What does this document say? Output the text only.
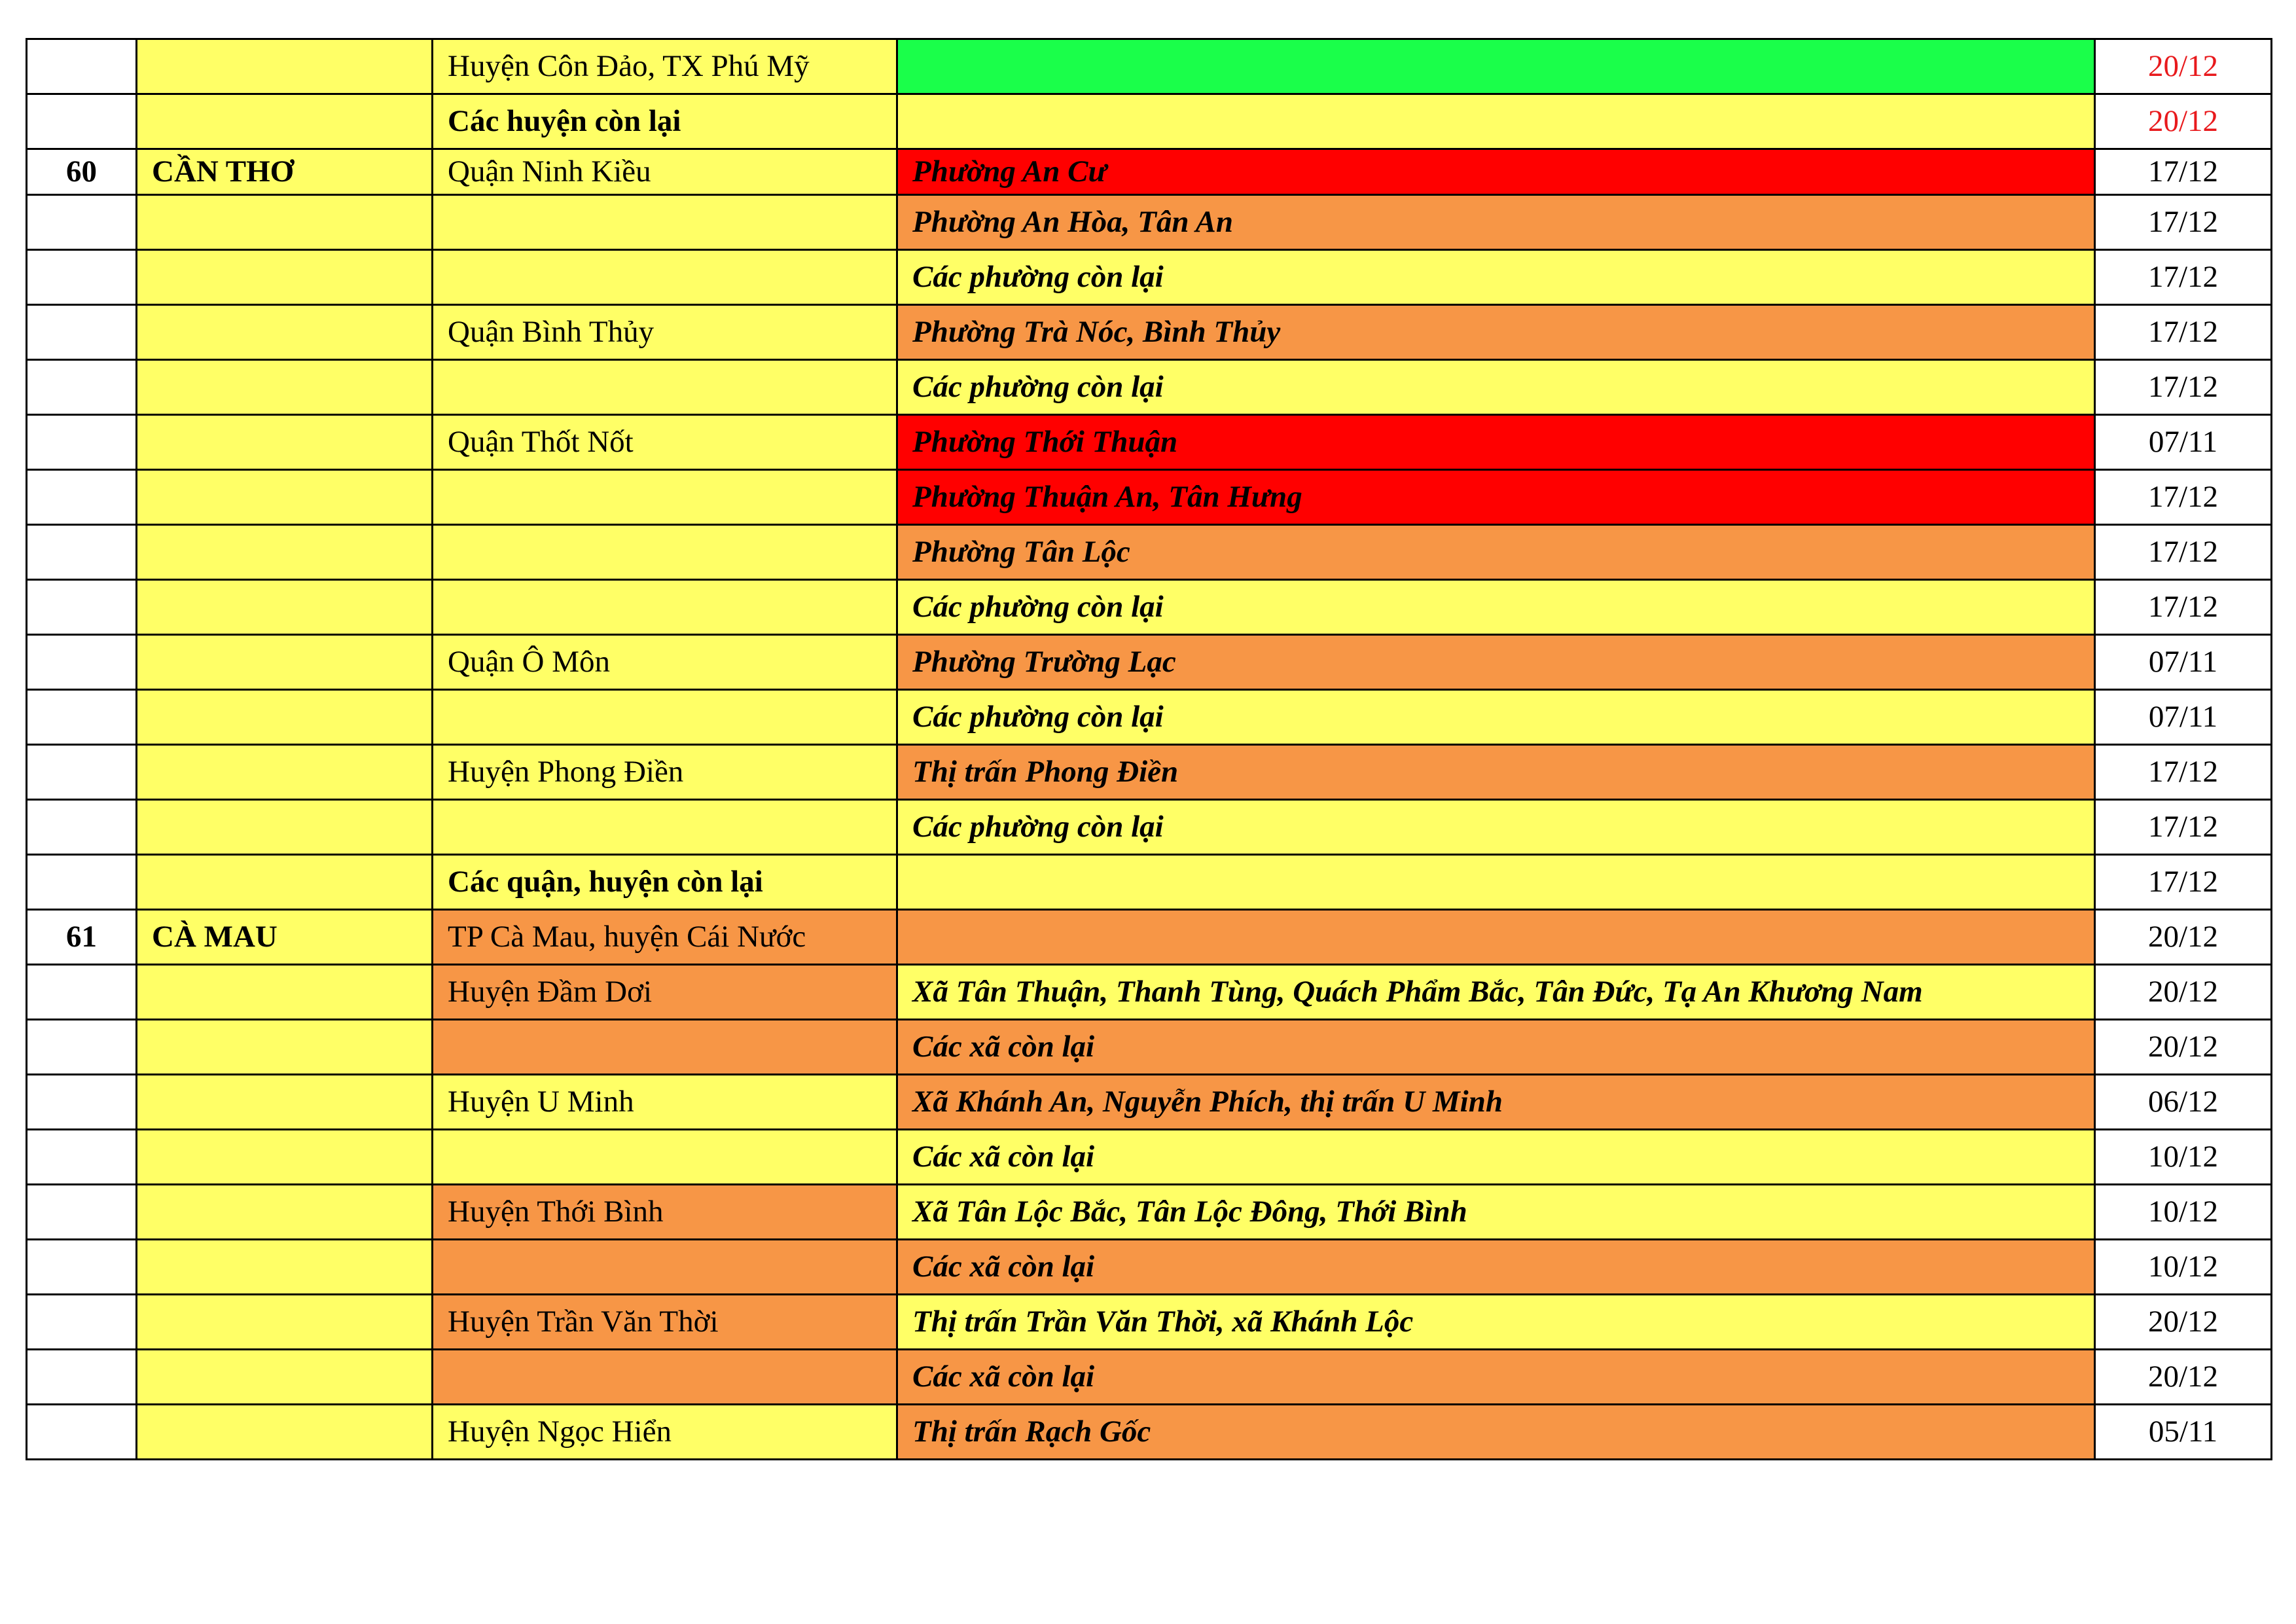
		Huyện Côn Đảo, TX Phú Mỹ		20/12
		Các huyện còn lại		20/12
60	CẦN THƠ	Quận Ninh Kiều	Phường An Cư	17/12
			Phường An Hòa, Tân An	17/12
			Các phường còn lại	17/12
		Quận Bình Thủy	Phường Trà Nóc, Bình Thủy	17/12
			Các phường còn lại	17/12
		Quận Thốt Nốt	Phường Thới Thuận	07/11
			Phường Thuận An, Tân Hưng	17/12
			Phường Tân Lộc	17/12
			Các phường còn lại	17/12
		Quận Ô Môn	Phường Trường Lạc	07/11
			Các phường còn lại	07/11
		Huyện Phong Điền	Thị trấn Phong Điền	17/12
			Các phường còn lại	17/12
		Các quận, huyện còn lại		17/12
61	CÀ MAU	TP Cà Mau, huyện Cái Nước		20/12
		Huyện Đầm Dơi	Xã Tân Thuận, Thanh Tùng, Quách Phẩm Bắc, Tân Đức, Tạ An Khương Nam	20/12
			Các xã còn lại	20/12
		Huyện U Minh	Xã Khánh An, Nguyễn Phích, thị trấn U Minh	06/12
			Các xã còn lại	10/12
		Huyện Thới Bình	Xã Tân Lộc Bắc, Tân Lộc Đông, Thới Bình	10/12
			Các xã còn lại	10/12
		Huyện Trần Văn Thời	Thị trấn Trần Văn Thời, xã Khánh Lộc	20/12
			Các xã còn lại	20/12
		Huyện Ngọc Hiển	Thị trấn Rạch Gốc	05/11
